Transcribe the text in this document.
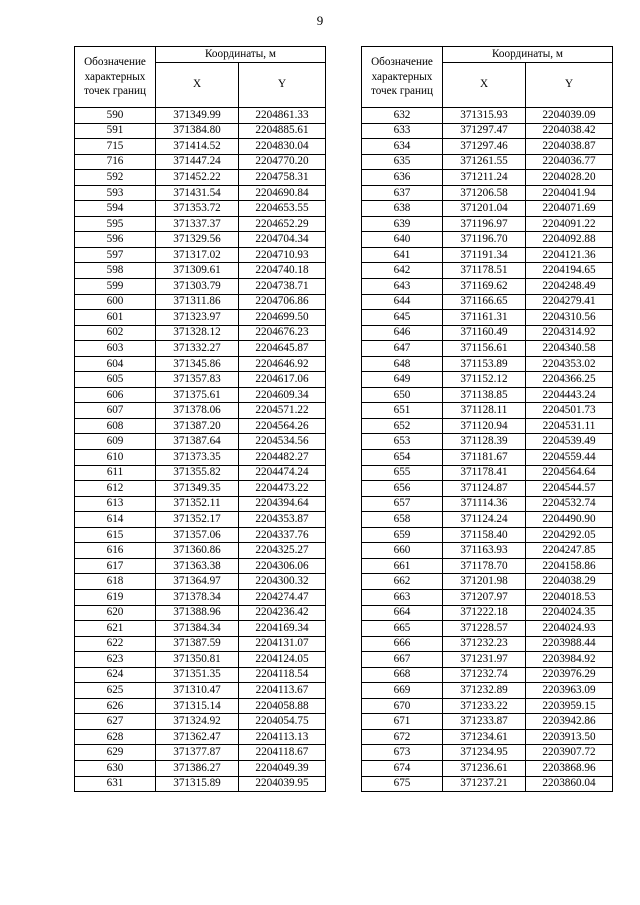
9
Обозначение характерных точек границ	Координаты, м	
	X	Y
590	371349.99	2204861.33
591	371384.80	2204885.61
715	371414.52	2204830.04
716	371447.24	2204770.20
592	371452.22	2204758.31
593	371431.54	2204690.84
594	371353.72	2204653.55
595	371337.37	2204652.29
596	371329.56	2204704.34
597	371317.02	2204710.93
598	371309.61	2204740.18
599	371303.79	2204738.71
600	371311.86	2204706.86
601	371323.97	2204699.50
602	371328.12	2204676.23
603	371332.27	2204645.87
604	371345.86	2204646.92
605	371357.83	2204617.06
606	371375.61	2204609.34
607	371378.06	2204571.22
608	371387.20	2204564.26
609	371387.64	2204534.56
610	371373.35	2204482.27
611	371355.82	2204474.24
612	371349.35	2204473.22
613	371352.11	2204394.64
614	371352.17	2204353.87
615	371357.06	2204337.76
616	371360.86	2204325.27
617	371363.38	2204306.06
618	371364.97	2204300.32
619	371378.34	2204274.47
620	371388.96	2204236.42
621	371384.34	2204169.34
622	371387.59	2204131.07
623	371350.81	2204124.05
624	371351.35	2204118.54
625	371310.47	2204113.67
626	371315.14	2204058.88
627	371324.92	2204054.75
628	371362.47	2204113.13
629	371377.87	2204118.67
630	371386.27	2204049.39
631	371315.89	2204039.95
Обозначение характерных точек границ	Координаты, м	
	X	Y
632	371315.93	2204039.09
633	371297.47	2204038.42
634	371297.46	2204038.87
635	371261.55	2204036.77
636	371211.24	2204028.20
637	371206.58	2204041.94
638	371201.04	2204071.69
639	371196.97	2204091.22
640	371196.70	2204092.88
641	371191.34	2204121.36
642	371178.51	2204194.65
643	371169.62	2204248.49
644	371166.65	2204279.41
645	371161.31	2204310.56
646	371160.49	2204314.92
647	371156.61	2204340.58
648	371153.89	2204353.02
649	371152.12	2204366.25
650	371138.85	2204443.24
651	371128.11	2204501.73
652	371120.94	2204531.11
653	371128.39	2204539.49
654	371181.67	2204559.44
655	371178.41	2204564.64
656	371124.87	2204544.57
657	371114.36	2204532.74
658	371124.24	2204490.90
659	371158.40	2204292.05
660	371163.93	2204247.85
661	371178.70	2204158.86
662	371201.98	2204038.29
663	371207.97	2204018.53
664	371222.18	2204024.35
665	371228.57	2204024.93
666	371232.23	2203988.44
667	371231.97	2203984.92
668	371232.74	2203976.29
669	371232.89	2203963.09
670	371233.22	2203959.15
671	371233.87	2203942.86
672	371234.61	2203913.50
673	371234.95	2203907.72
674	371236.61	2203868.96
675	371237.21	2203860.04
